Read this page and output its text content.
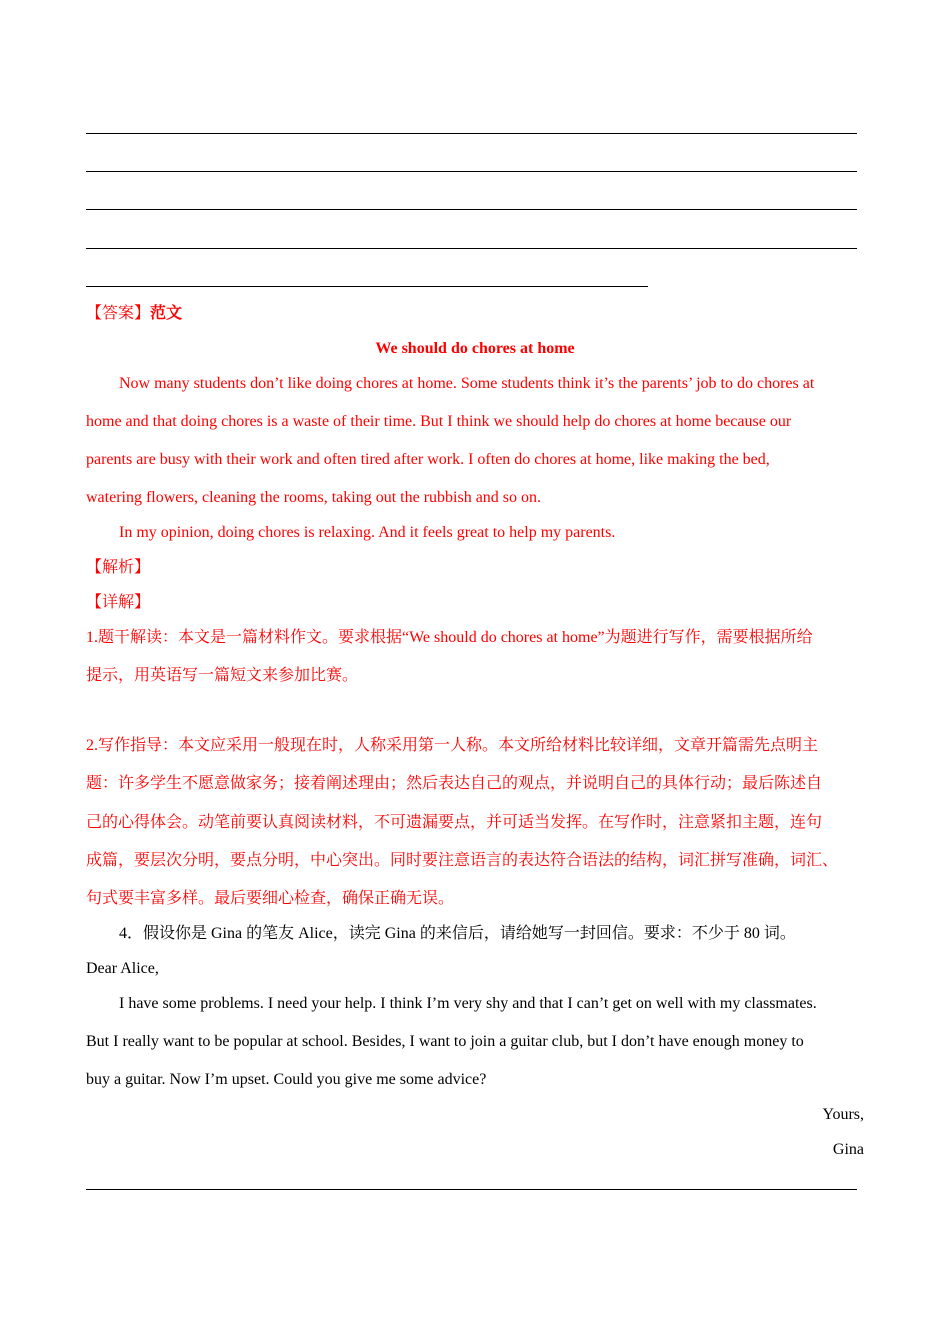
【答案】范文
We should do chores at home
Now many students don’t like doing chores at home. Some students think it’s the parents’ job to do chores at
home and that doing chores is a waste of their time. But I think we should help do chores at home because our
parents are busy with their work and often tired after work. I often do chores at home, like making the bed,
watering flowers, cleaning the rooms, taking out the rubbish and so on.
In my opinion, doing chores is relaxing. And it feels great to help my parents.
【解析】
【详解】
1.题干解读：本文是一篇材料作文。要求根据“We should do chores at home”为题进行写作，需要根据所给
提示，用英语写一篇短文来参加比赛。
2.写作指导：本文应采用一般现在时，人称采用第一人称。本文所给材料比较详细，文章开篇需先点明主
题：许多学生不愿意做家务；接着阐述理由；然后表达自己的观点，并说明自己的具体行动；最后陈述自
己的心得体会。动笔前要认真阅读材料，不可遗漏要点，并可适当发挥。在写作时，注意紧扣主题，连句
成篇，要层次分明，要点分明，中心突出。同时要注意语言的表达符合语法的结构，词汇拼写准确，词汇、
句式要丰富多样。最后要细心检查，确保正确无误。
4．假设你是 Gina 的笔友 Alice，读完 Gina 的来信后，请给她写一封回信。要求：不少于 80 词。
Dear Alice,
I have some problems. I need your help. I think I’m very shy and that I can’t get on well with my classmates.
But I really want to be popular at school. Besides, I want to join a guitar club, but I don’t have enough money to
buy a guitar. Now I’m upset. Could you give me some advice?
Yours,
Gina
